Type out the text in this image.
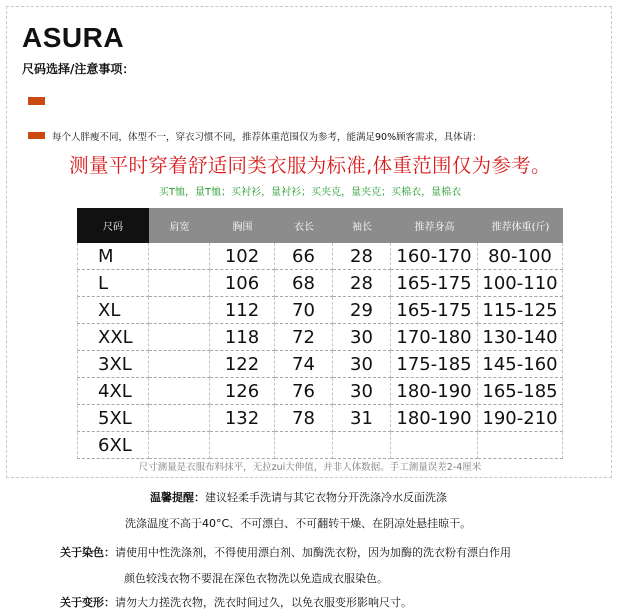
ASURA
尺码选择/注意事项：
每个人胖瘦不同，体型不一，穿衣习惯不同，推荐体重范围仅为参考，能满足90%顾客需求，具体请：
测量平时穿着舒适同类衣服为标准,体重范围仅为参考。
买T恤，量T恤；买衬衫，量衬衫；买夹克，量夹克；买棉衣，量棉衣
尺码	肩宽	胸围	衣长	袖长	推荐身高	推荐体重(斤)
M		102	66	28	160-170	80-100
L		106	68	28	165-175	100-110
XL		112	70	29	165-175	115-125
XXL		118	72	30	170-180	130-140
3XL		122	74	30	175-185	145-160
4XL		126	76	30	180-190	165-185
5XL		132	78	31	180-190	190-210
6XL						
尺寸测量是衣服布料抹平，无拉zui大伸值，并非人体数据。手工测量误差2-4厘米
温馨提醒：建议轻柔手洗请与其它衣物分开洗涤冷水反面洗涤
洗涤温度不高于40°C、不可漂白、不可翻转干燥、在阴凉处悬挂晾干。
关于染色：请使用中性洗涤剂，不得使用漂白剂、加酶洗衣粉，因为加酶的洗衣粉有漂白作用
颜色较浅衣物不要混在深色衣物洗以免造成衣服染色。
关于变形：请勿大力搓洗衣物，洗衣时间过久，以免衣服变形影响尺寸。
